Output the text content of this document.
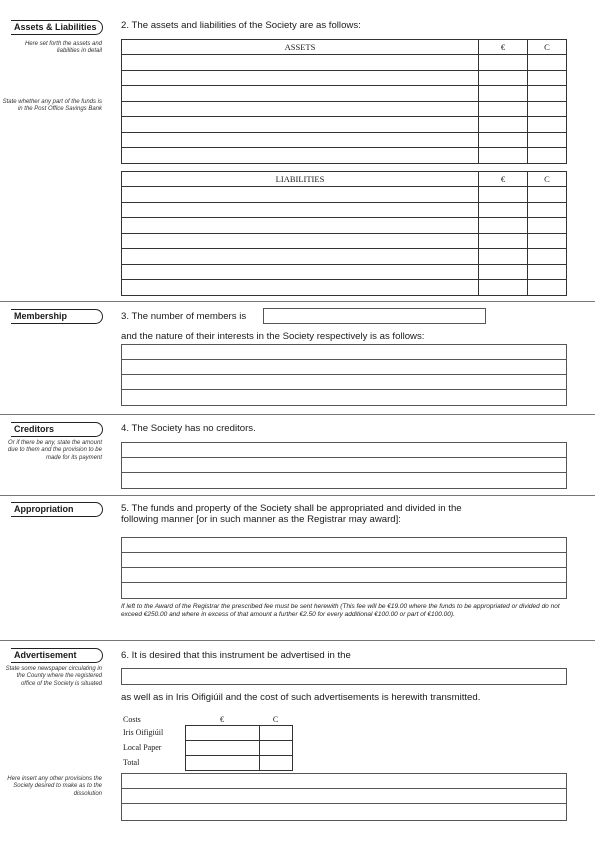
Assets & Liabilities
Here set forth the assets and liabilities in detail
State whether any part of the funds is in the Post Office Savings Bank
2. The assets and liabilities of the Society are as follows:
ASSETS	€	C

LIABILITIES	€	C

Membership	3. The number of members is
and the nature of their interests in the Society respectively is as follows:
Creditors
Or if there be any, state the amount due to them and the provision to be made for its payment
4. The Society has no creditors.
Appropriation	5. The funds and property of the Society shall be appropriated and divided in the
following manner [or in such manner as the Registrar may award]:
If left to the Award of the Registrar the prescribed fee must be sent herewith (This fee will be €19.00 where the funds to be appropriated or divided do not exceed €250.00 and where in excess of that amount a further €2.50 for every additional €100.00 or part of €100.00).
Advertisement
State some newspaper circulating in the County where the registered office of the Society is situated
6. It is desired that this instrument be advertised in the
as well as in Iris Oifigiúil and the cost of such advertisements is herewith transmitted.
Costs	€	C
Iris Oifigiúil		
Local Paper		
Total		
Here insert any other provisions the Society desired to make as to the dissolution
